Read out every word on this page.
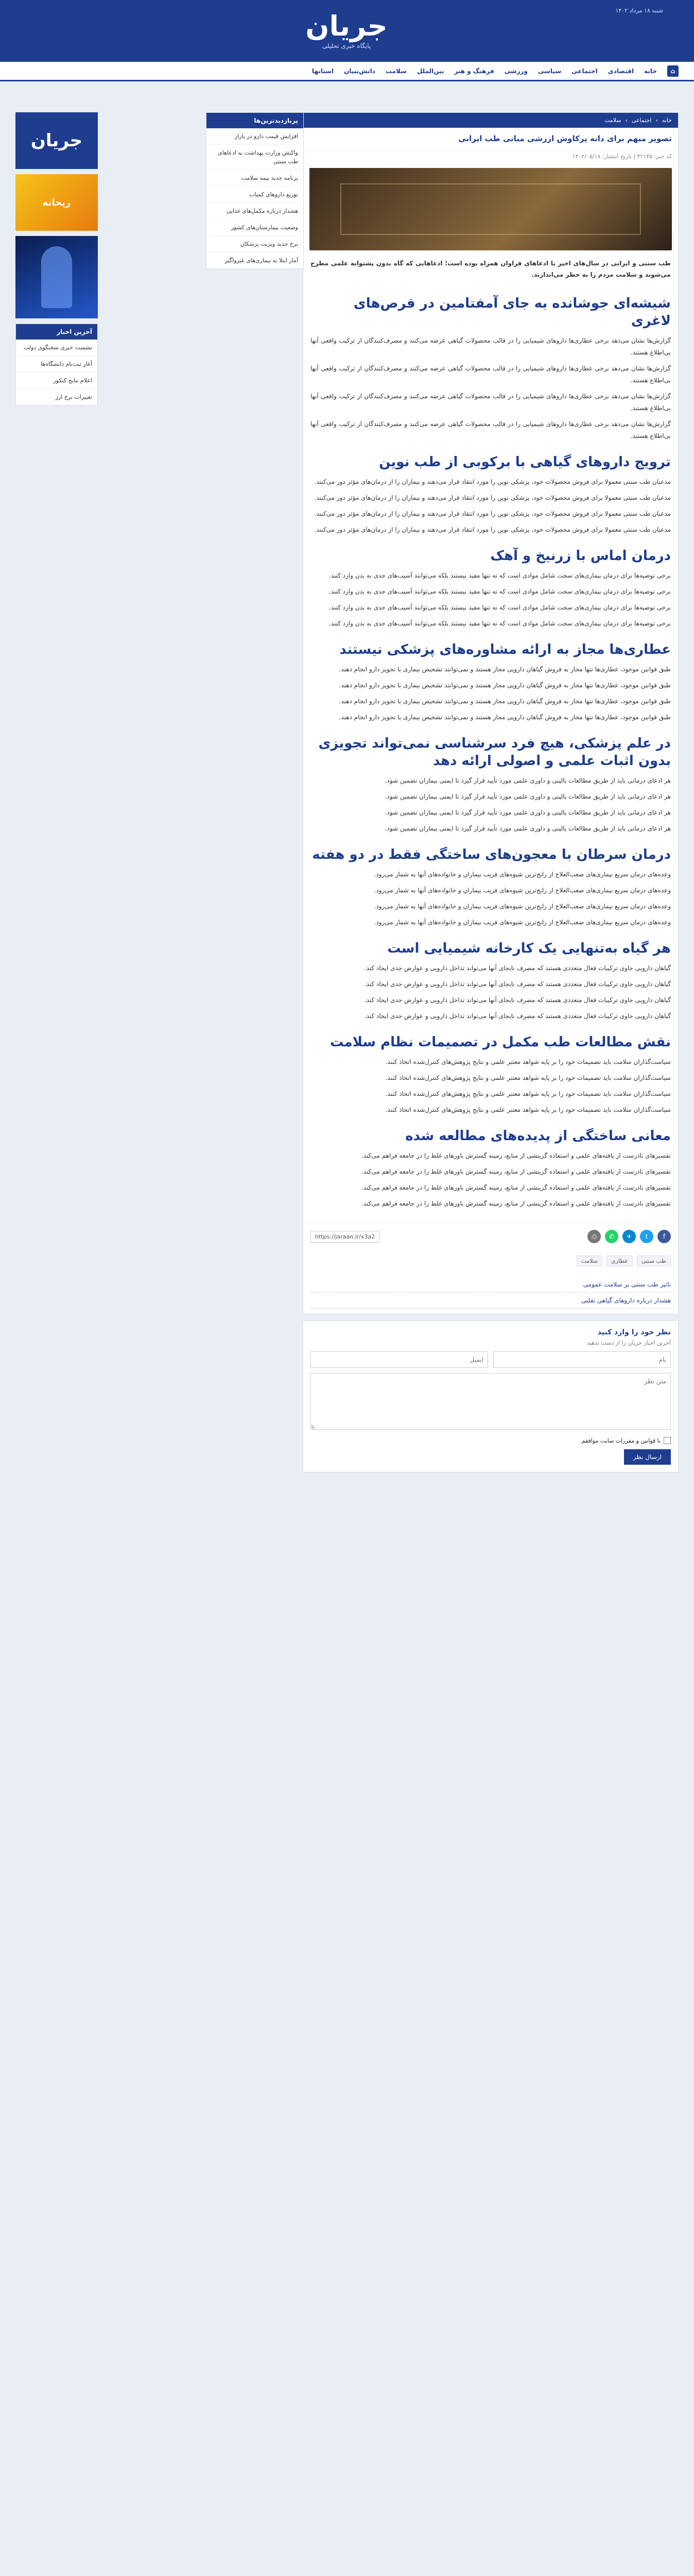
شنبه ۱۸ مرداد ۱۴۰۲
جریان
پایگاه خبری تحلیلی
⌂
خانه
اقتصادی
اجتماعی
سیاسی
ورزشی
فرهنگ و هنر
بین‌الملل
سلامت
دانش‌بنیان
استانها
خانه
›
اجتماعی
›
سلامت
تصویر مبهم برای دانه پرکاوش ارزشی مبانی طب ایرانی
کد خبر: ۳۲۱۴۵ | تاریخ انتشار: ۱۴۰۲/۰۵/۱۸
طب سنتی و ایرانی در سال‌های اخیر با ادعاهای فراوان همراه بوده است؛ ادعاهایی که گاه بدون پشتوانه علمی مطرح می‌شوند و سلامت مردم را به خطر می‌اندازند.
شیشه‌ای جوشانده به جای آمفتامین در قرص‌های لاغری
گزارش‌ها نشان می‌دهد برخی عطاری‌ها داروهای شیمیایی را در قالب محصولات گیاهی عرضه می‌کنند و مصرف‌کنندگان از ترکیب واقعی آنها بی‌اطلاع هستند.
گزارش‌ها نشان می‌دهد برخی عطاری‌ها داروهای شیمیایی را در قالب محصولات گیاهی عرضه می‌کنند و مصرف‌کنندگان از ترکیب واقعی آنها بی‌اطلاع هستند.
گزارش‌ها نشان می‌دهد برخی عطاری‌ها داروهای شیمیایی را در قالب محصولات گیاهی عرضه می‌کنند و مصرف‌کنندگان از ترکیب واقعی آنها بی‌اطلاع هستند.
گزارش‌ها نشان می‌دهد برخی عطاری‌ها داروهای شیمیایی را در قالب محصولات گیاهی عرضه می‌کنند و مصرف‌کنندگان از ترکیب واقعی آنها بی‌اطلاع هستند.
ترویج داروهای گیاهی با برکوبی از طب نوین
مدعیان طب سنتی معمولا برای فروش محصولات خود، پزشکی نوین را مورد انتقاد قرار می‌دهند و بیماران را از درمان‌های مؤثر دور می‌کنند.
مدعیان طب سنتی معمولا برای فروش محصولات خود، پزشکی نوین را مورد انتقاد قرار می‌دهند و بیماران را از درمان‌های مؤثر دور می‌کنند.
مدعیان طب سنتی معمولا برای فروش محصولات خود، پزشکی نوین را مورد انتقاد قرار می‌دهند و بیماران را از درمان‌های مؤثر دور می‌کنند.
مدعیان طب سنتی معمولا برای فروش محصولات خود، پزشکی نوین را مورد انتقاد قرار می‌دهند و بیماران را از درمان‌های مؤثر دور می‌کنند.
درمان اماس با زرنیخ و آهک
برخی توصیه‌ها برای درمان بیماری‌های سخت شامل موادی است که نه تنها مفید نیستند بلکه می‌توانند آسیب‌های جدی به بدن وارد کنند.
برخی توصیه‌ها برای درمان بیماری‌های سخت شامل موادی است که نه تنها مفید نیستند بلکه می‌توانند آسیب‌های جدی به بدن وارد کنند.
برخی توصیه‌ها برای درمان بیماری‌های سخت شامل موادی است که نه تنها مفید نیستند بلکه می‌توانند آسیب‌های جدی به بدن وارد کنند.
برخی توصیه‌ها برای درمان بیماری‌های سخت شامل موادی است که نه تنها مفید نیستند بلکه می‌توانند آسیب‌های جدی به بدن وارد کنند.
عطاری‌ها مجاز به ارائه مشاوره‌های پزشکی نیستند
طبق قوانین موجود، عطاری‌ها تنها مجاز به فروش گیاهان دارویی مجاز هستند و نمی‌توانند تشخیص بیماری یا تجویز دارو انجام دهند.
طبق قوانین موجود، عطاری‌ها تنها مجاز به فروش گیاهان دارویی مجاز هستند و نمی‌توانند تشخیص بیماری یا تجویز دارو انجام دهند.
طبق قوانین موجود، عطاری‌ها تنها مجاز به فروش گیاهان دارویی مجاز هستند و نمی‌توانند تشخیص بیماری یا تجویز دارو انجام دهند.
طبق قوانین موجود، عطاری‌ها تنها مجاز به فروش گیاهان دارویی مجاز هستند و نمی‌توانند تشخیص بیماری یا تجویز دارو انجام دهند.
در علم پزشکی، هیچ فرد سرشناسی نمی‌تواند تجویزی بدون اثبات علمی و اصولی ارائه دهد
هر ادعای درمانی باید از طریق مطالعات بالینی و داوری علمی مورد تأیید قرار گیرد تا ایمنی بیماران تضمین شود.
هر ادعای درمانی باید از طریق مطالعات بالینی و داوری علمی مورد تأیید قرار گیرد تا ایمنی بیماران تضمین شود.
هر ادعای درمانی باید از طریق مطالعات بالینی و داوری علمی مورد تأیید قرار گیرد تا ایمنی بیماران تضمین شود.
هر ادعای درمانی باید از طریق مطالعات بالینی و داوری علمی مورد تأیید قرار گیرد تا ایمنی بیماران تضمین شود.
درمان سرطان با معجون‌های ساختگی فقط در دو هفته
وعده‌های درمان سریع بیماری‌های صعب‌العلاج از رایج‌ترین شیوه‌های فریب بیماران و خانواده‌های آنها به شمار می‌رود.
وعده‌های درمان سریع بیماری‌های صعب‌العلاج از رایج‌ترین شیوه‌های فریب بیماران و خانواده‌های آنها به شمار می‌رود.
وعده‌های درمان سریع بیماری‌های صعب‌العلاج از رایج‌ترین شیوه‌های فریب بیماران و خانواده‌های آنها به شمار می‌رود.
وعده‌های درمان سریع بیماری‌های صعب‌العلاج از رایج‌ترین شیوه‌های فریب بیماران و خانواده‌های آنها به شمار می‌رود.
هر گیاه به‌تنهایی یک کارخانه شیمیایی است
گیاهان دارویی حاوی ترکیبات فعال متعددی هستند که مصرف نابجای آنها می‌تواند تداخل دارویی و عوارض جدی ایجاد کند.
گیاهان دارویی حاوی ترکیبات فعال متعددی هستند که مصرف نابجای آنها می‌تواند تداخل دارویی و عوارض جدی ایجاد کند.
گیاهان دارویی حاوی ترکیبات فعال متعددی هستند که مصرف نابجای آنها می‌تواند تداخل دارویی و عوارض جدی ایجاد کند.
گیاهان دارویی حاوی ترکیبات فعال متعددی هستند که مصرف نابجای آنها می‌تواند تداخل دارویی و عوارض جدی ایجاد کند.
نقش مطالعات طب مکمل در تصمیمات نظام سلامت
سیاست‌گذاران سلامت باید تصمیمات خود را بر پایه شواهد معتبر علمی و نتایج پژوهش‌های کنترل‌شده اتخاذ کنند.
سیاست‌گذاران سلامت باید تصمیمات خود را بر پایه شواهد معتبر علمی و نتایج پژوهش‌های کنترل‌شده اتخاذ کنند.
سیاست‌گذاران سلامت باید تصمیمات خود را بر پایه شواهد معتبر علمی و نتایج پژوهش‌های کنترل‌شده اتخاذ کنند.
سیاست‌گذاران سلامت باید تصمیمات خود را بر پایه شواهد معتبر علمی و نتایج پژوهش‌های کنترل‌شده اتخاذ کنند.
معانی ساختگی از پدیده‌های مطالعه شده
تفسیرهای نادرست از یافته‌های علمی و استفاده گزینشی از منابع، زمینه گسترش باورهای غلط را در جامعه فراهم می‌کند.
تفسیرهای نادرست از یافته‌های علمی و استفاده گزینشی از منابع، زمینه گسترش باورهای غلط را در جامعه فراهم می‌کند.
تفسیرهای نادرست از یافته‌های علمی و استفاده گزینشی از منابع، زمینه گسترش باورهای غلط را در جامعه فراهم می‌کند.
تفسیرهای نادرست از یافته‌های علمی و استفاده گزینشی از منابع، زمینه گسترش باورهای غلط را در جامعه فراهم می‌کند.
f
t
✈
✆
⎙
https://jaraan.ir/x3a2
طب سنتی
عطاری
سلامت
تاثیر طب سنتی بر سلامت عمومی
هشدار درباره داروهای گیاهی تقلبی
نظر خود را وارد کنید
آخرین اخبار جریان را از دست ندهید
نام
ایمیل
متن نظر
با قوانین و مقررات سایت موافقم
ارسال نظر
پربازدیدترین‌ها
افزایش قیمت دارو در بازار
واکنش وزارت بهداشت به ادعاهای طب سنتی
برنامه جدید بیمه سلامت
توزیع داروهای کمیاب
هشدار درباره مکمل‌های غذایی
وضعیت بیمارستان‌های کشور
نرخ جدید ویزیت پزشکان
آمار ابتلا به بیماری‌های غیرواگیر
جریان
ریحانه
آخرین اخبار
نشست خبری سخنگوی دولت
آغاز ثبت‌نام دانشگاه‌ها
اعلام نتایج کنکور
تغییرات نرخ ارز
